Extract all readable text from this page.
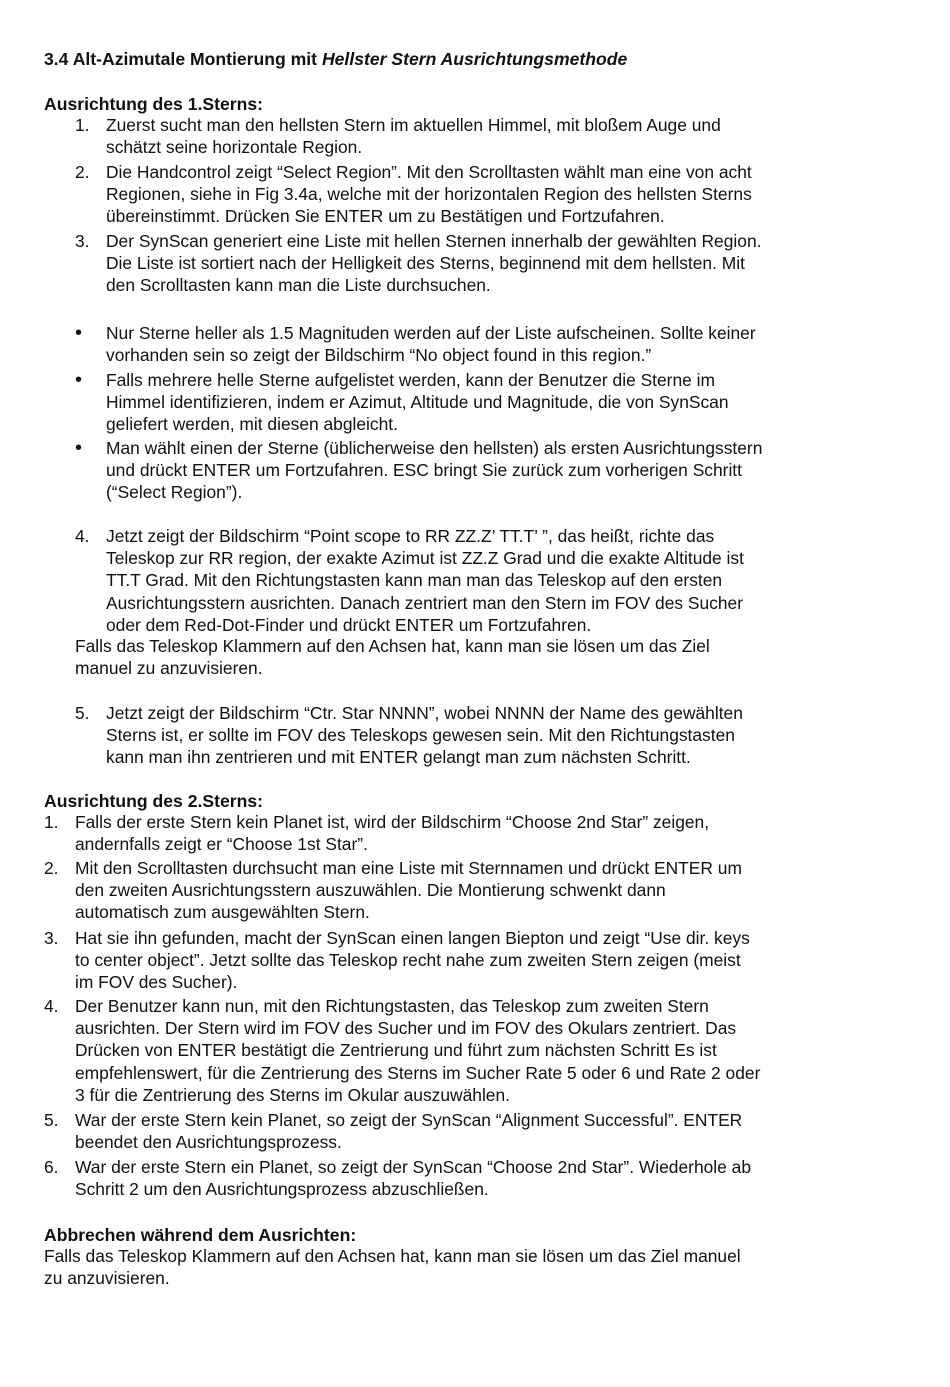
3.4 Alt-Azimutale Montierung mit Hellster Stern Ausrichtungsmethode
Ausrichtung des 1.Sterns:
1. Zuerst sucht man den hellsten Stern im aktuellen Himmel, mit bloßem Auge und
schätzt seine horizontale Region.
2. Die Handcontrol zeigt “Select Region”. Mit den Scrolltasten wählt man eine von acht
Regionen, siehe in Fig 3.4a, welche mit der horizontalen Region des hellsten Sterns
übereinstimmt. Drücken Sie ENTER um zu Bestätigen und Fortzufahren.
3. Der SynScan generiert eine Liste mit hellen Sternen innerhalb der gewählten Region.
Die Liste ist sortiert nach der Helligkeit des Sterns, beginnend mit dem hellsten. Mit
den Scrolltasten kann man die Liste durchsuchen.
• Nur Sterne heller als 1.5 Magnituden werden auf der Liste aufscheinen. Sollte keiner
vorhanden sein so zeigt der Bildschirm “No object found in this region.”
• Falls mehrere helle Sterne aufgelistet werden, kann der Benutzer die Sterne im
Himmel identifizieren, indem er Azimut, Altitude und Magnitude, die von SynScan
geliefert werden, mit diesen abgleicht.
• Man wählt einen der Sterne (üblicherweise den hellsten) als ersten Ausrichtungsstern
und drückt ENTER um Fortzufahren. ESC bringt Sie zurück zum vorherigen Schritt
(“Select Region”).
4. Jetzt zeigt der Bildschirm “Point scope to RR ZZ.Z’ TT.T’ ”, das heißt, richte das
Teleskop zur RR region, der exakte Azimut ist ZZ.Z Grad und die exakte Altitude ist
TT.T Grad. Mit den Richtungstasten kann man man das Teleskop auf den ersten
Ausrichtungsstern ausrichten. Danach zentriert man den Stern im FOV des Sucher
oder dem Red-Dot-Finder und drückt ENTER um Fortzufahren.
Falls das Teleskop Klammern auf den Achsen hat, kann man sie lösen um das Ziel
manuel zu anzuvisieren.
5. Jetzt zeigt der Bildschirm “Ctr. Star NNNN”, wobei NNNN der Name des gewählten
Sterns ist, er sollte im FOV des Teleskops gewesen sein. Mit den Richtungstasten
kann man ihn zentrieren und mit ENTER gelangt man zum nächsten Schritt.
Ausrichtung des 2.Sterns:
1. Falls der erste Stern kein Planet ist, wird der Bildschirm “Choose 2nd Star” zeigen,
andernfalls zeigt er “Choose 1st Star”.
2. Mit den Scrolltasten durchsucht man eine Liste mit Sternnamen und drückt ENTER um
den zweiten Ausrichtungsstern auszuwählen. Die Montierung schwenkt dann
automatisch zum ausgewählten Stern.
3. Hat sie ihn gefunden, macht der SynScan einen langen Biepton und zeigt “Use dir. keys
to center object”. Jetzt sollte das Teleskop recht nahe zum zweiten Stern zeigen (meist
im FOV des Sucher).
4. Der Benutzer kann nun, mit den Richtungstasten, das Teleskop zum zweiten Stern
ausrichten. Der Stern wird im FOV des Sucher und im FOV des Okulars zentriert. Das
Drücken von ENTER bestätigt die Zentrierung und führt zum nächsten Schritt Es ist
empfehlenswert, für die Zentrierung des Sterns im Sucher Rate 5 oder 6 und Rate 2 oder
3 für die Zentrierung des Sterns im Okular auszuwählen.
5. War der erste Stern kein Planet, so zeigt der SynScan “Alignment Successful”. ENTER
beendet den Ausrichtungsprozess.
6. War der erste Stern ein Planet, so zeigt der SynScan “Choose 2nd Star”. Wiederhole ab
Schritt 2 um den Ausrichtungsprozess abzuschließen.
Abbrechen während dem Ausrichten:
Falls das Teleskop Klammern auf den Achsen hat, kann man sie lösen um das Ziel manuel
zu anzuvisieren.
